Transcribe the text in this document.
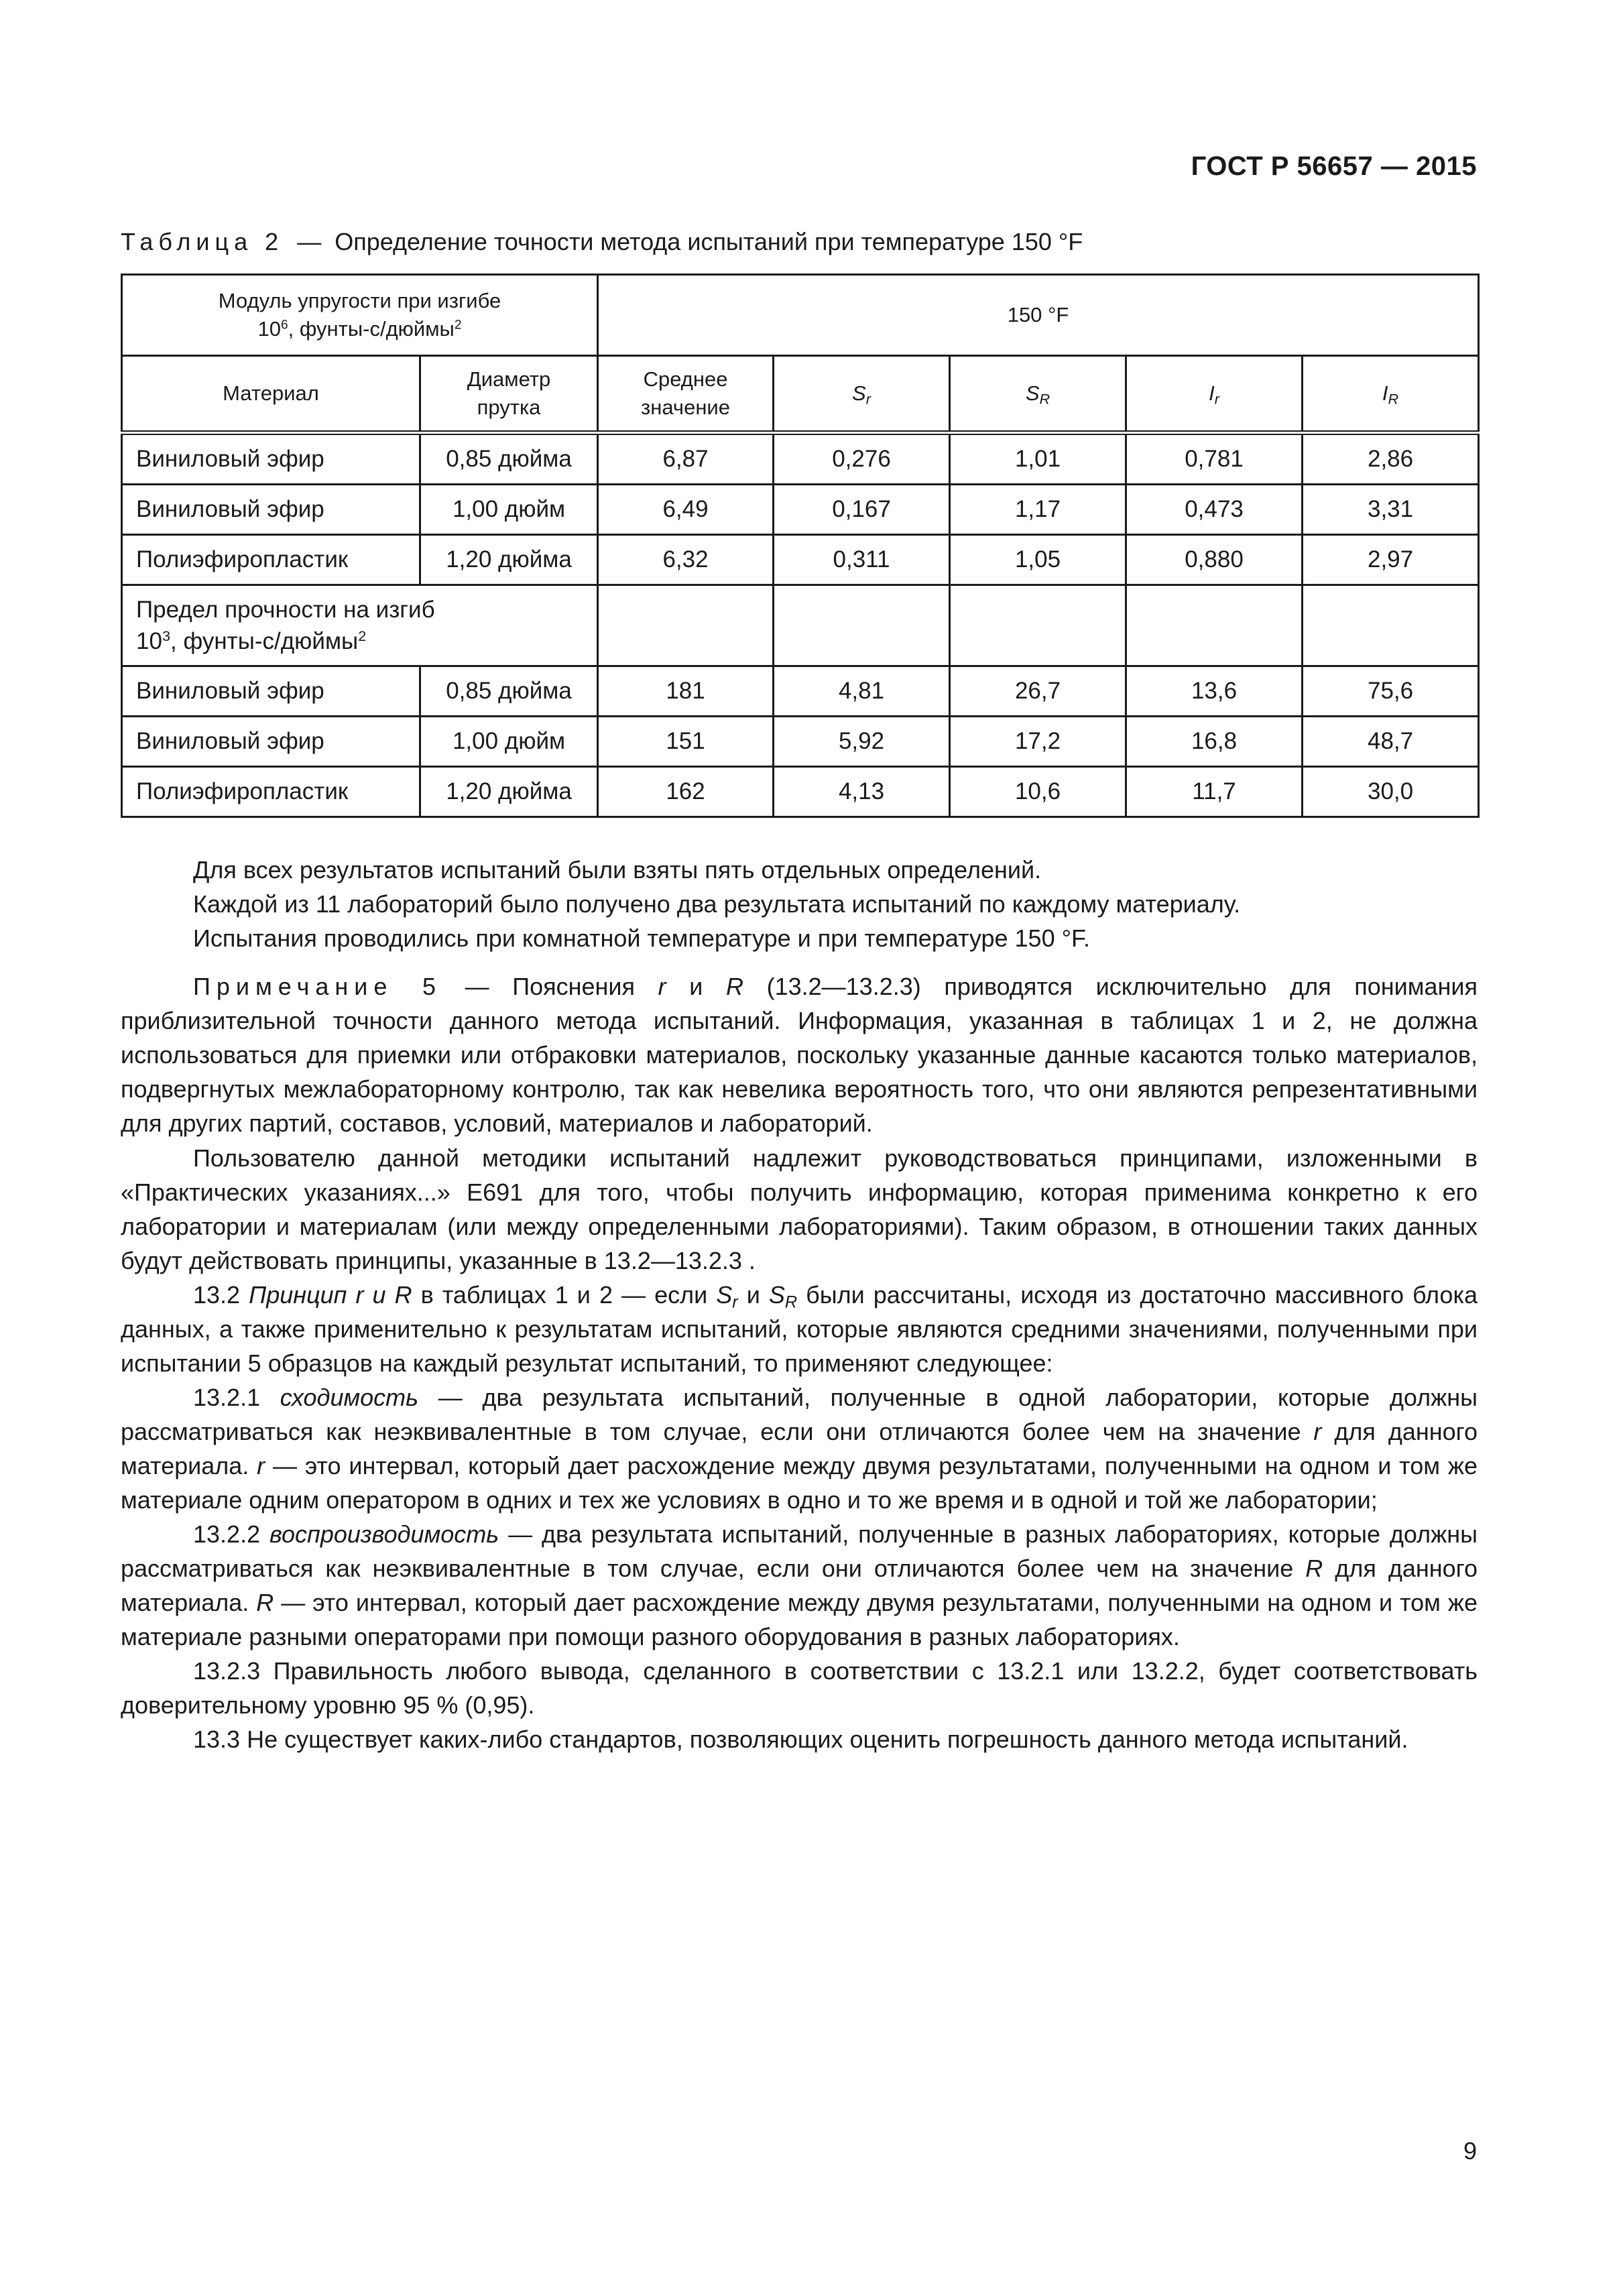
ГОСТ Р 56657 — 2015
Таблица 2 — Определение точности метода испытаний при температуре 150 °F
Модуль упругости при изгибе
$10^6$, фунты-с/дюймы$^2$		150 °F				
Материал	Диаметр прутка	Среднее значение	$S_r$	$S_R$	$I_r$	$I_R$
Виниловый эфир	0,85 дюйма	6,87	0,276	1,01	0,781	2,86
Виниловый эфир	1,00 дюйм	6,49	0,167	1,17	0,473	3,31
Полиэфиропластик	1,20 дюйма	6,32	0,311	1,05	0,880	2,97
Предел прочности на изгиб
$10^3$, фунты-с/дюймы$^2$					
Виниловый эфир	0,85 дюйма	181	4,81	26,7	13,6	75,6
Виниловый эфир	1,00 дюйм	151	5,92	17,2	16,8	48,7
Полиэфиропластик	1,20 дюйма	162	4,13	10,6	11,7	30,0

Для всех результатов испытаний были взяты пять отдельных определений.

Каждой из 11 лабораторий было получено два результата испытаний по каждому материалу.

Испытания проводились при комнатной температуре и при температуре 150 °F.

Примечание 5 — Пояснения r и R (13.2—13.2.3) приводятся исключительно для понимания приблизительной точности данного метода испытаний. Информация, указанная в таблицах 1 и 2, не должна использоваться для приемки или отбраковки материалов, поскольку указанные данные касаются только материалов, подвергнутых межлабораторному контролю, так как невелика вероятность того, что они являются репрезентативными для других партий, составов, условий, материалов и лабораторий.

Пользователю данной методики испытаний надлежит руководствоваться принципами, изложенными в «Практических указаниях...» E691 для того, чтобы получить информацию, которая применима конкретно к его лаборатории и материалам (или между определенными лабораториями). Таким образом, в отношении таких данных будут действовать принципы, указанные в 13.2—13.2.3 .

13.2 Принцип r и R в таблицах 1 и 2 — если $S_r$ и $S_R$ были рассчитаны, исходя из достаточно массивного блока данных, а также применительно к результатам испытаний, которые являются средними значениями, полученными при испытании 5 образцов на каждый результат испытаний, то применяют следующее:

13.2.1 сходимость — два результата испытаний, полученные в одной лаборатории, которые должны рассматриваться как неэквивалентные в том случае, если они отличаются более чем на значение r для данного материала. r — это интервал, который дает расхождение между двумя результатами, полученными на одном и том же материале одним оператором в одних и тех же условиях в одно и то же время и в одной и той же лаборатории;

13.2.2 воспроизводимость — два результата испытаний, полученные в разных лабораториях, которые должны рассматриваться как неэквивалентные в том случае, если они отличаются более чем на значение R для данного материала. R — это интервал, который дает расхождение между двумя результатами, полученными на одном и том же материале разными операторами при помощи разного оборудования в разных лабораториях.

13.2.3 Правильность любого вывода, сделанного в соответствии с 13.2.1 или 13.2.2, будет соответствовать доверительному уровню 95 % (0,95).

13.3 Не существует каких-либо стандартов, позволяющих оценить погрешность данного метода испытаний.

9
